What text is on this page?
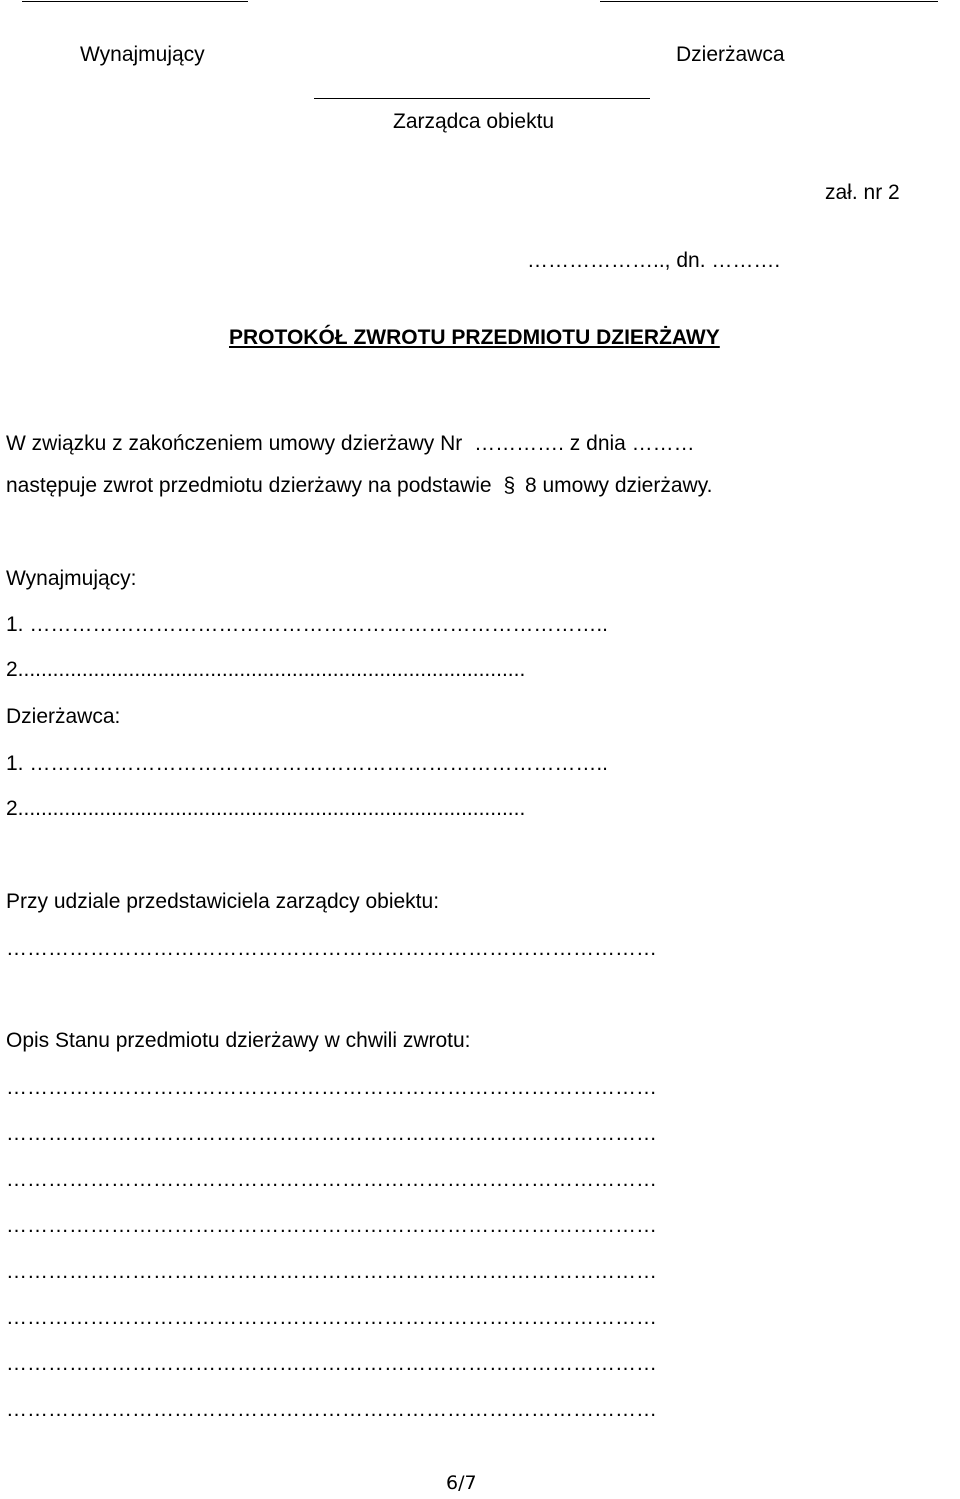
Wynajmujący	Dzierżawca
Zarządca obiektu
zał. nr 2
……………….., dn. ……….
PROTOKÓŁ ZWROTU PRZEDMIOTU DZIERŻAWY
W związku z zakończeniem umowy dzierżawy Nr …………. z dnia ………
następuje zwrot przedmiotu dzierżawy na podstawie § 8 umowy dzierżawy.
Wynajmujący:
1. ………………………………………………………………………..
2.......................................................................................
Dzierżawca:
1. ………………………………………………………………………..
2.......................................................................................
Przy udziale przedstawiciela zarządcy obiektu:
…………………………………………………………………………………
Opis Stanu przedmiotu dzierżawy w chwili zwrotu:
…………………………………………………………………………………
…………………………………………………………………………………
…………………………………………………………………………………
…………………………………………………………………………………
…………………………………………………………………………………
…………………………………………………………………………………
…………………………………………………………………………………
…………………………………………………………………………………
6/7
